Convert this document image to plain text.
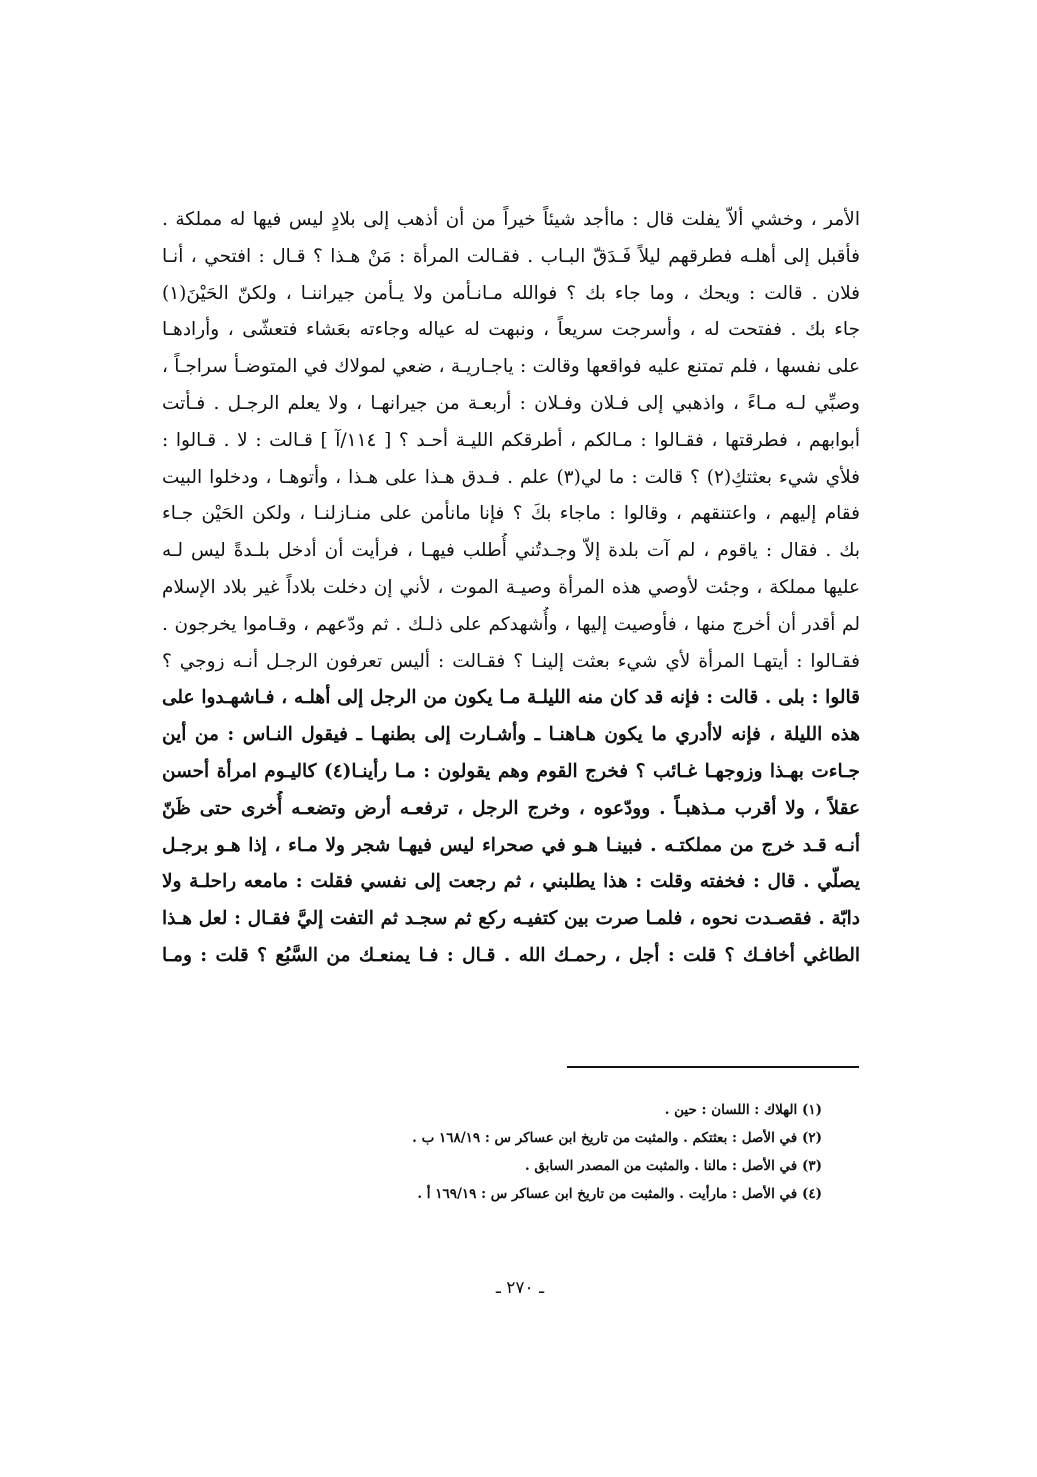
الأمر ، وخشي ألاّ يفلت قال : ماأجد شيئاً خيراً من أن أذهب إلى بلادٍ ليس فيها له مملكة .
فأقبل إلى أهلـه فطرقهم ليلاً فَـدَقّ البـاب . فقـالت المرأة : مَنْ هـذا ؟ قـال : افتحي ، أنـا
فلان . قالت : ويحك ، وما جاء بك ؟ فوالله مـانـأمن ولا يـأمن جيراننـا ، ولكنّ الحَيْنَ(١)
جاء بك . ففتحت له ، وأسرجت سريعاً ، ونبهت له عياله وجاءته بعَشاء فتعشّى ، وأرادهـا
على نفسها ، فلم تمتنع عليه فواقعها وقالت : ياجـاريـة ، ضعي لمولاك في المتوضـأ سراجـاً ،
وصبِّي لـه مـاءً ، واذهبي إلى فـلان وفـلان : أربعـة من جيرانهـا ، ولا يعلم الرجـل . فـأتت
أبوابهم ، فطرقتها ، فقـالوا : مـالكم ، أطرقكم الليـة أحـد ؟ [ ١١٤/آ ] قـالت : لا . قـالوا :
فلأي شيء بعثتكِ(٢) ؟ قالت : ما لي(٣) علم . فـدق هـذا على هـذا ، وأتوهـا ، ودخلوا البيت
فقام إليهم ، واعتنقهم ، وقالوا : ماجاء بكَ ؟ فإنا مانأمن على منـازلنـا ، ولكن الحَيْن جـاء
بك . فقال : ياقوم ، لم آت بلدة إلاّ وجـدتُني أُطلب فيهـا ، فرأيت أن أدخل بلـدةً ليس لـه
عليها مملكة ، وجئت لأوصي هذه المرأة وصيـة الموت ، لأني إن دخلت بلاداً غير بلاد الإسلام
لم أقدر أن أخرج منها ، فأوصيت إليها ، وأُشهدكم على ذلـك . ثم ودّعهم ، وقـاموا يخرجون .
فقـالوا : أيتهـا المرأة لأي شيء بعثت إلينـا ؟ فقـالت : أليس تعرفون الرجـل أنـه زوجي ؟
قالوا : بلى . قالت : فإنه قد كان منه الليلـة مـا يكون من الرجل إلى أهلـه ، فـاشهـدوا على
هذه الليلة ، فإنه لاأدري ما يكون هـاهنـا ـ وأشـارت إلى بطنهـا ـ فيقول النـاس : من أين
جـاءت بهـذا وزوجهـا غـائب ؟ فخرج القوم وهم يقولون : مـا رأينـا(٤) كاليـوم امرأة أحسن
عقلاً ، ولا أقرب مـذهبـاً . وودّعوه ، وخرج الرجل ، ترفعـه أرض وتضعـه أُخرى حتى ظَنّ
أنـه قـد خرج من مملكتـه . فبينـا هـو في صحراء ليس فيهـا شجر ولا مـاء ، إذا هـو برجـل
يصلّي . قال : فخفته وقلت : هذا يطلبني ، ثم رجعت إلى نفسي فقلت : مامعه راحلـة ولا
دابّة . فقصـدت نحوه ، فلمـا صرت بين كتفيـه ركع ثم سجـد ثم التفت إليَّ فقـال : لعل هـذا
الطاغي أخافـك ؟ قلت : أجل ، رحمـك الله . قـال : فـا يمنعـك من السَّبُع ؟ قلت : ومـا
(١) الهلاك : اللسان : حين .
(٢) في الأصل : بعثتكم . والمثبت من تاريخ ابن عساكر س : ١٦٨/١٩ ب .
(٣) في الأصل : مالنا . والمثبت من المصدر السابق .
(٤) في الأصل : مارأيت . والمثبت من تاريخ ابن عساكر س : ١٦٩/١٩ أ .
ـ ٢٧٠ ـ
